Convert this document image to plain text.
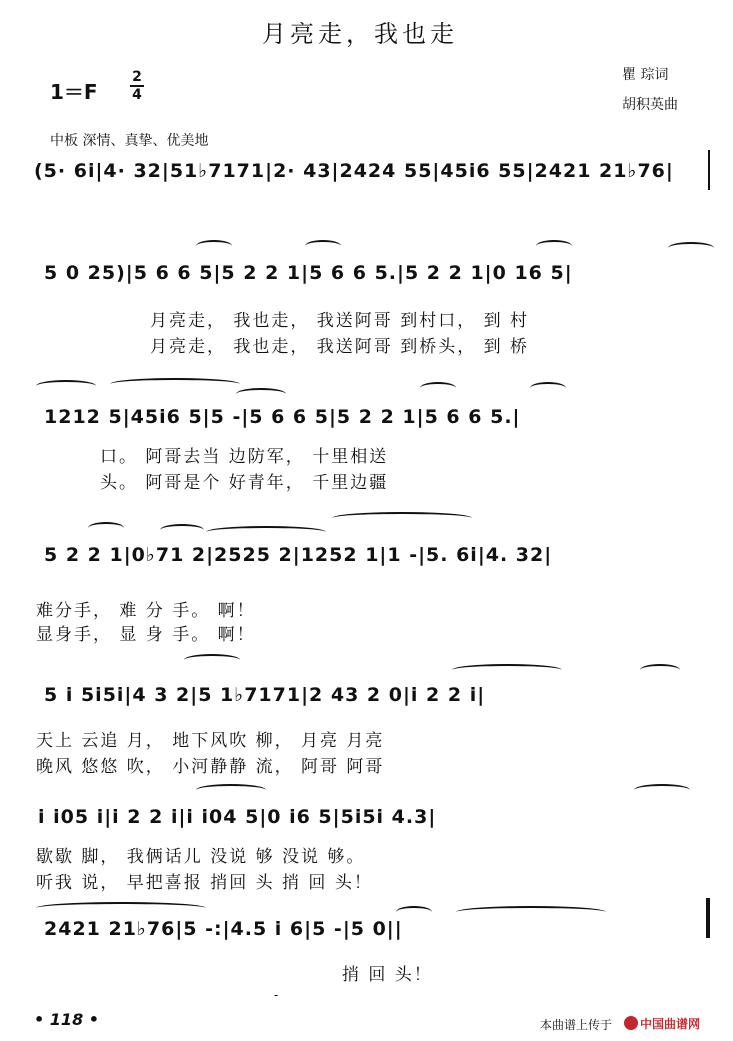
月亮走，我也走
1＝F
2
4
瞿 琮词
胡积英曲
中板 深情、真挚、优美地
(5· 6i|4· 32|51♭7171|2· 43|2424 55|45i6 55|2421 21♭76|
5 0 25)|5 6 6 5|5 2 2 1|5 6 6 5.|5 2 2 1|0 16 5|
月亮走， 我也走， 我送阿哥 到村口， 到 村
月亮走， 我也走， 我送阿哥 到桥头， 到 桥
1212 5|45i6 5|5 -|5 6 6 5|5 2 2 1|5 6 6 5.|
口。 阿哥去当 边防军， 十里相送
头。 阿哥是个 好青年， 千里边疆
5 2 2 1|0♭71 2|2525 2|1252 1|1 -|5. 6i|4. 32|
难分手， 难 分 手。 啊！
显身手， 显 身 手。 啊！
5 i 5i5i|4 3 2|5 1♭7171|2 43 2 0|i 2 2 i|
天上 云追 月， 地下风吹 柳， 月亮 月亮
晚风 悠悠 吹， 小河静静 流， 阿哥 阿哥
i i05 i|i 2 2 i|i i04 5|0 i6 5|5i5i 4.3|
歇歇 脚， 我俩话儿 没说 够 没说 够。
听我 说， 早把喜报 捎回 头 捎 回 头！
2421 21♭76|5 -:|4.5 i 6|5 -|5 0||
捎 回 头！
• 118 •
-
本曲谱上传于	中国曲谱网
